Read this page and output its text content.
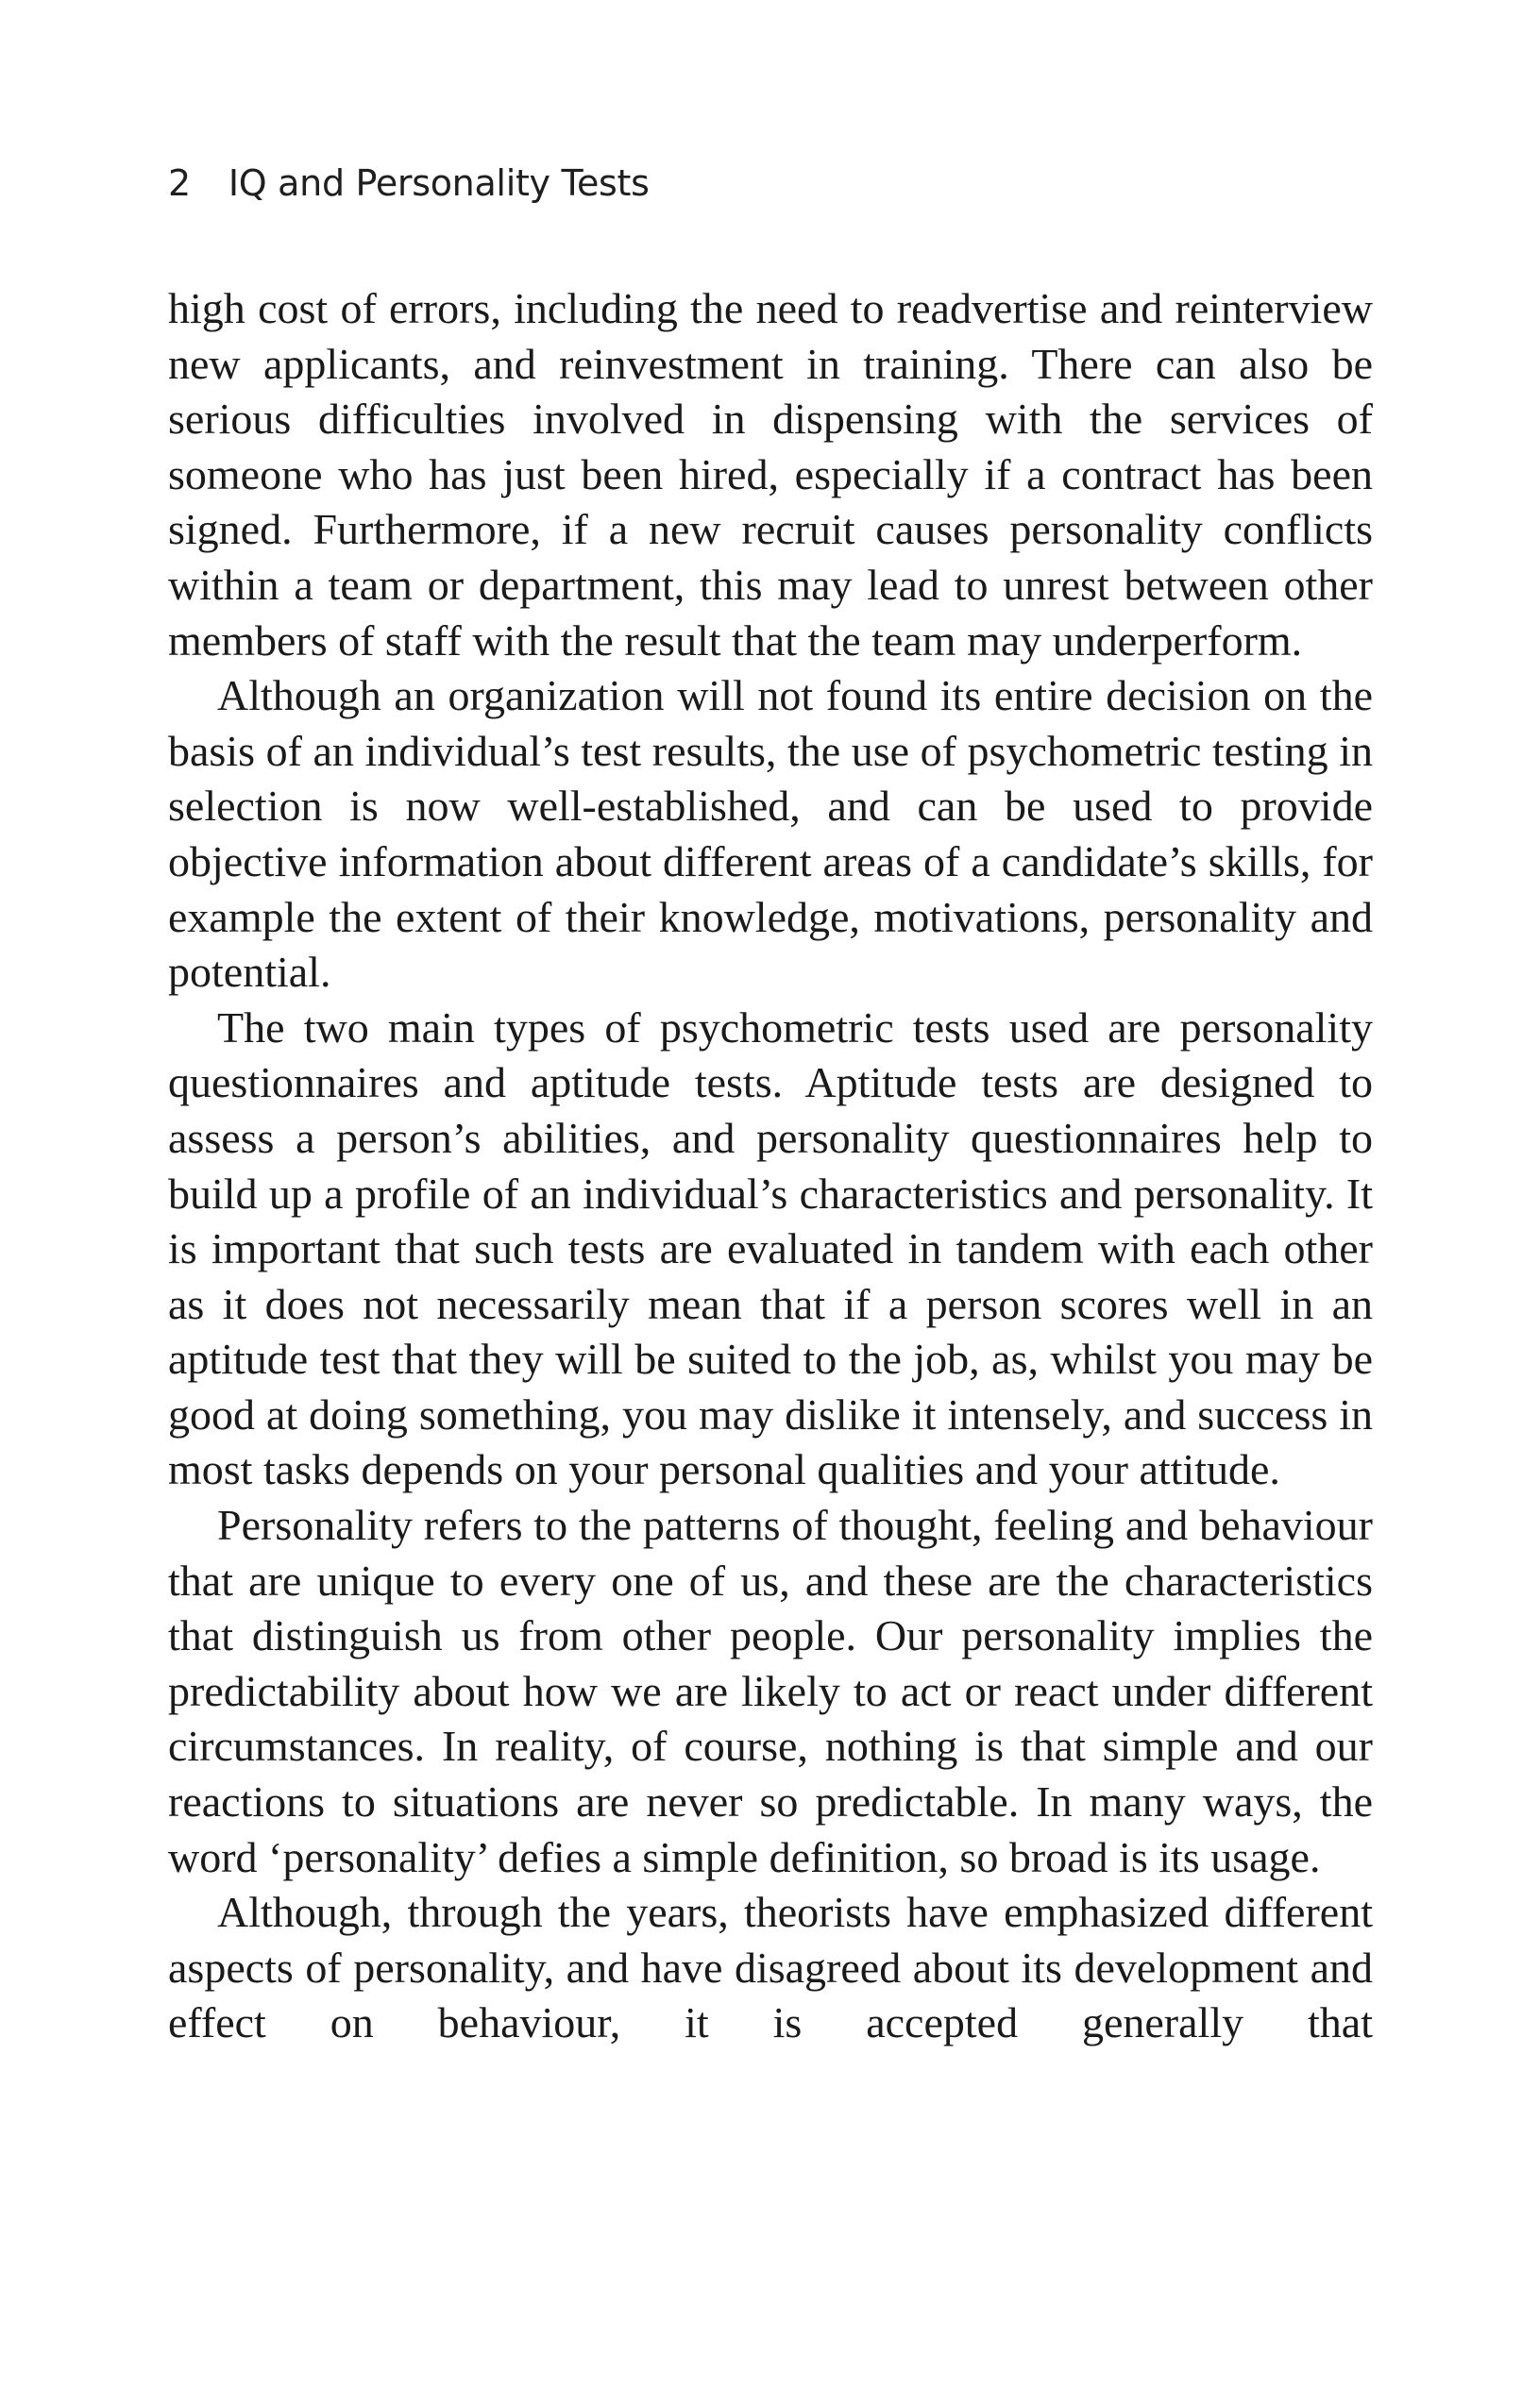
2 IQ and Personality Tests

high cost of errors, including the need to readvertise and reinterview new applicants, and reinvestment in training. There can also be serious difficulties involved in dispensing with the services of someone who has just been hired, especially if a contract has been signed. Furthermore, if a new recruit causes personality conflicts within a team or department, this may lead to unrest between other members of staff with the result that the team may underperform.

Although an organization will not found its entire decision on the basis of an individual’s test results, the use of psychometric testing in selection is now well-established, and can be used to provide objective information about different areas of a candidate’s skills, for example the extent of their knowledge, motivations, personality and potential.

The two main types of psychometric tests used are personality questionnaires and aptitude tests. Aptitude tests are designed to assess a person’s abilities, and personality questionnaires help to build up a profile of an individual’s characteristics and personality. It is important that such tests are evaluated in tandem with each other as it does not necessarily mean that if a person scores well in an aptitude test that they will be suited to the job, as, whilst you may be good at doing something, you may dislike it intensely, and success in most tasks depends on your personal qualities and your attitude.

Personality refers to the patterns of thought, feeling and behaviour that are unique to every one of us, and these are the characteristics that distinguish us from other people. Our personality implies the predictability about how we are likely to act or react under different circumstances. In reality, of course, nothing is that simple and our reactions to situations are never so predictable. In many ways, the word ‘personality’ defies a simple definition, so broad is its usage.

Although, through the years, theorists have emphasized different aspects of personality, and have disagreed about its development and effect on behaviour, it is accepted generally that
